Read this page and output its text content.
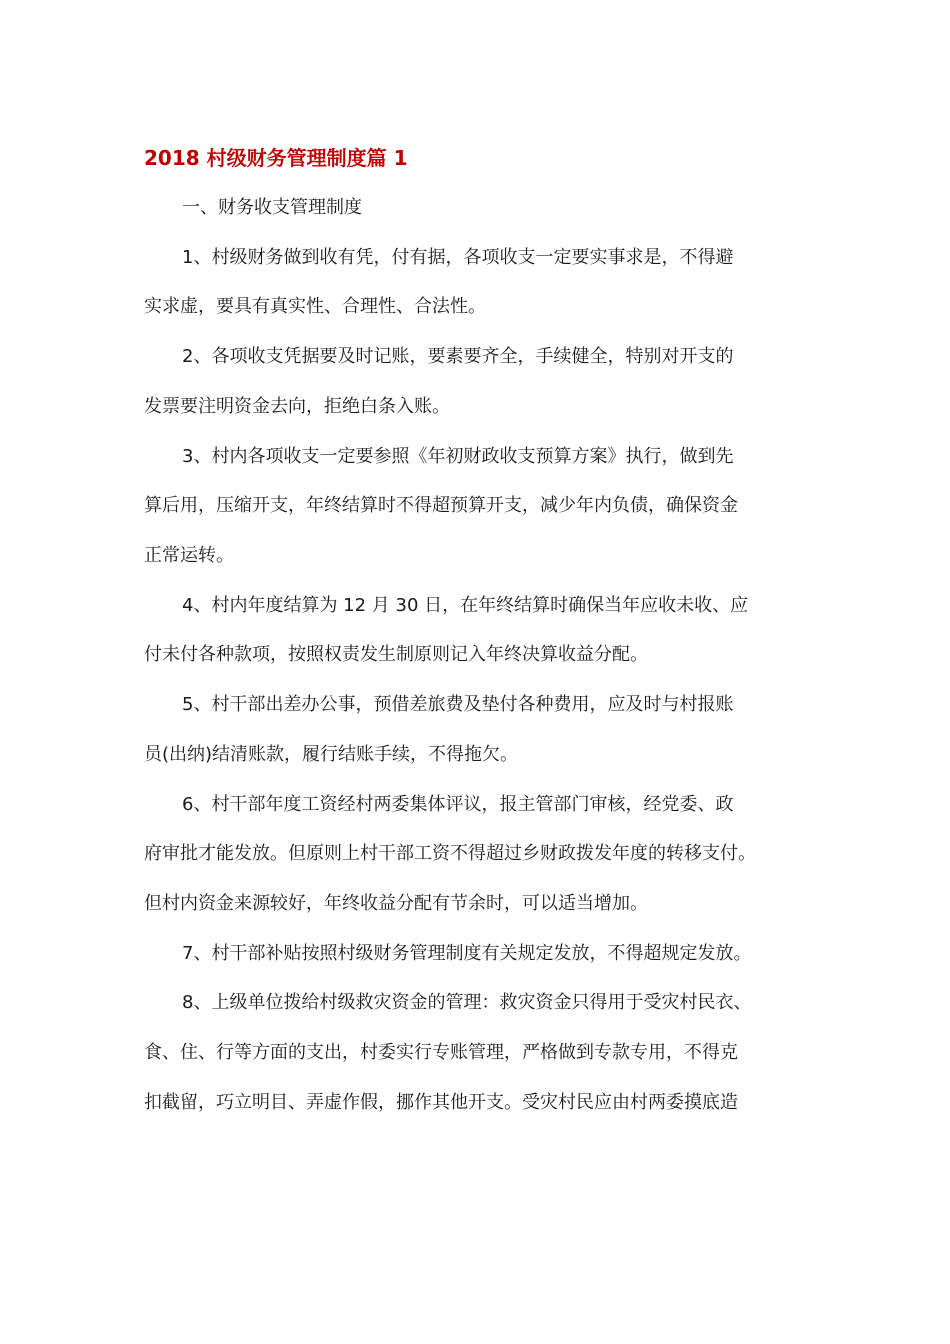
2018 村级财务管理制度篇 1
一、财务收支管理制度
1、村级财务做到收有凭，付有据，各项收支一定要实事求是，不得避
实求虚，要具有真实性、合理性、合法性。
2、各项收支凭据要及时记账，要素要齐全，手续健全，特别对开支的
发票要注明资金去向，拒绝白条入账。
3、村内各项收支一定要参照《年初财政收支预算方案》执行，做到先
算后用，压缩开支，年终结算时不得超预算开支，减少年内负债，确保资金
正常运转。
4、村内年度结算为 12 月 30 日，在年终结算时确保当年应收未收、应
付未付各种款项，按照权责发生制原则记入年终决算收益分配。
5、村干部出差办公事，预借差旅费及垫付各种费用，应及时与村报账
员(出纳)结清账款，履行结账手续，不得拖欠。
6、村干部年度工资经村两委集体评议，报主管部门审核，经党委、政
府审批才能发放。但原则上村干部工资不得超过乡财政拨发年度的转移支付。
但村内资金来源较好，年终收益分配有节余时，可以适当增加。
7、村干部补贴按照村级财务管理制度有关规定发放，不得超规定发放。
8、上级单位拨给村级救灾资金的管理：救灾资金只得用于受灾村民衣、
食、住、行等方面的支出，村委实行专账管理，严格做到专款专用，不得克
扣截留，巧立明目、弄虚作假，挪作其他开支。受灾村民应由村两委摸底造
